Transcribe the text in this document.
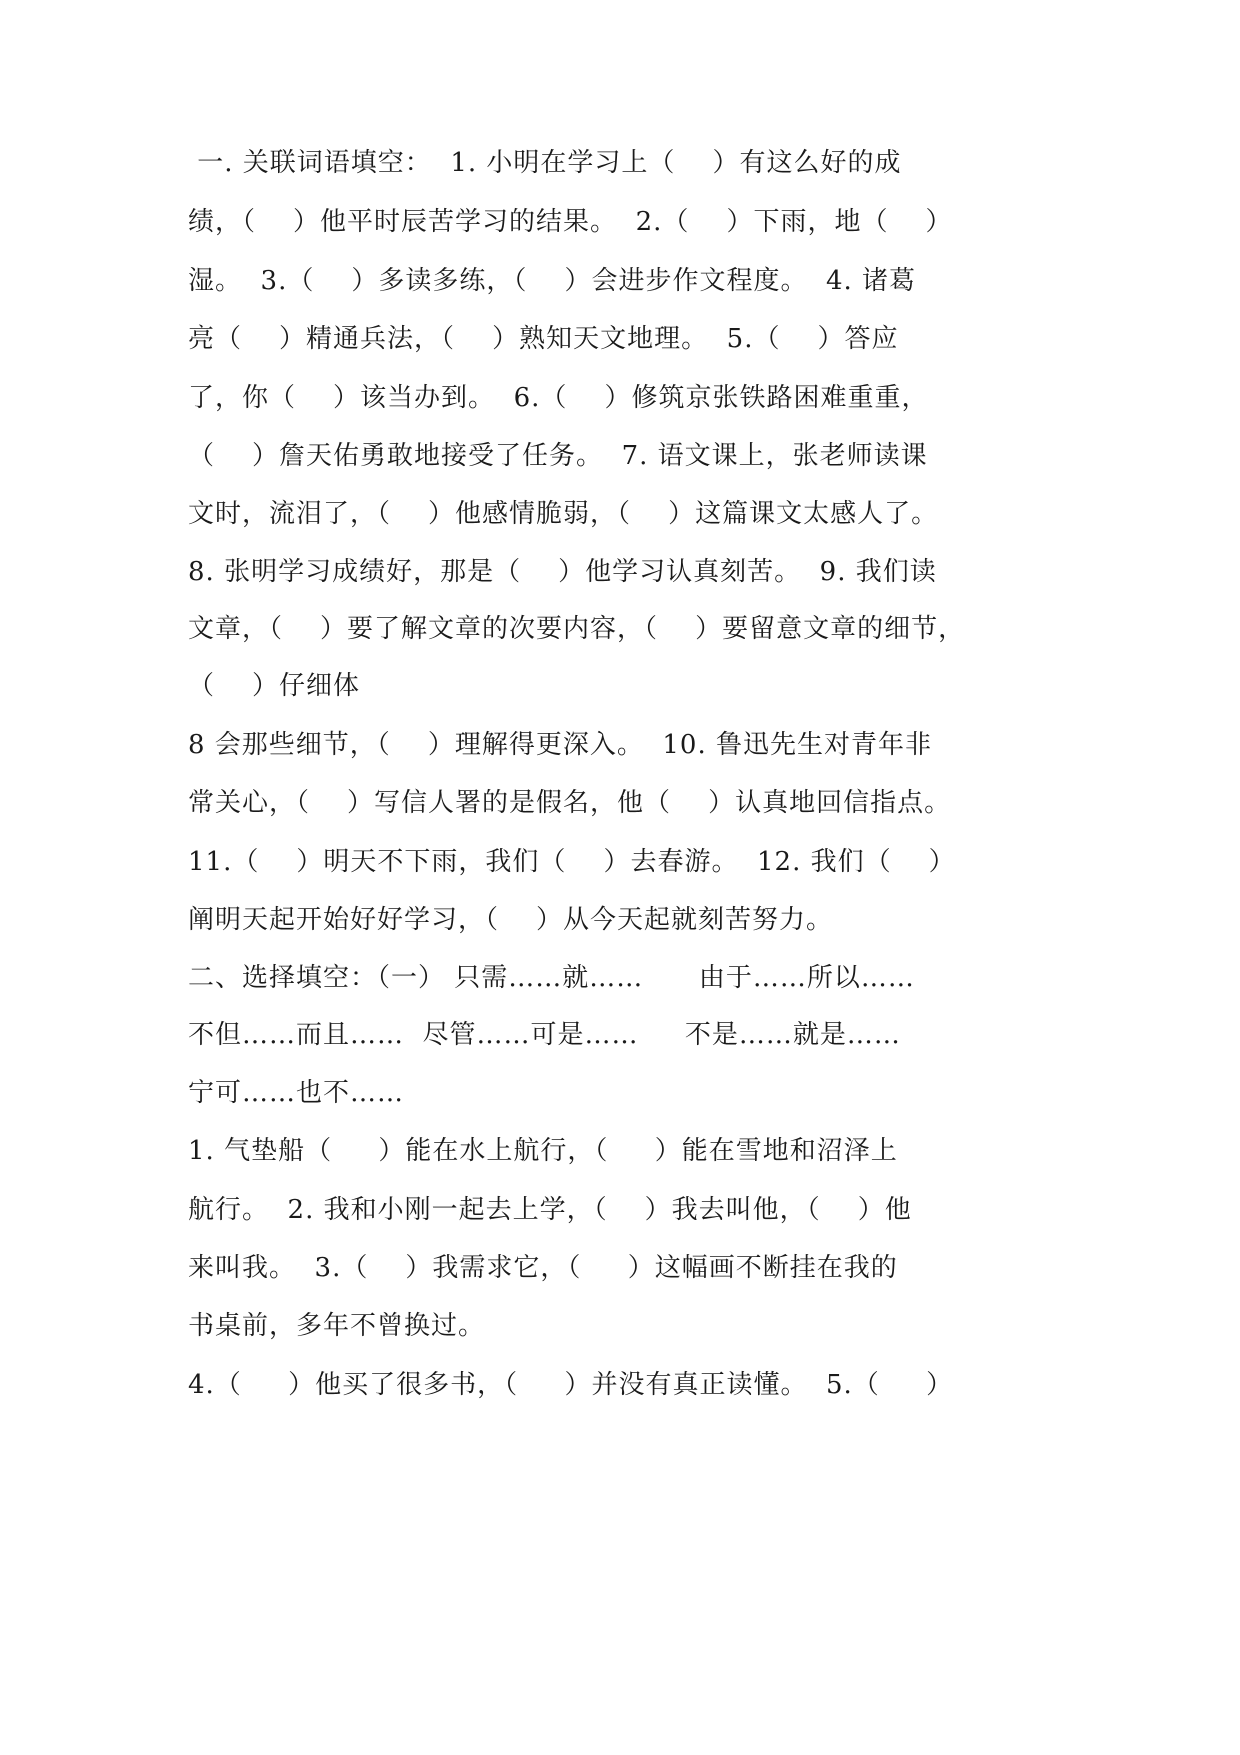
一. 关联词语填空：  1. 小明在学习上（    ）有这么好的成
绩，（    ）他平时辰苦学习的结果。  2.（    ）下雨，地（    ）
湿。  3.（    ）多读多练，（    ）会进步作文程度。  4. 诸葛
亮（    ）精通兵法，（    ）熟知天文地理。  5.（    ）答应
了，你（    ）该当办到。  6.（    ）修筑京张铁路困难重重，
（    ）詹天佑勇敢地接受了任务。  7. 语文课上，张老师读课
文时，流泪了，（    ）他感情脆弱，（    ）这篇课文太感人了。
8. 张明学习成绩好，那是（    ）他学习认真刻苦。  9. 我们读
文章，（    ）要了解文章的次要内容，（    ）要留意文章的细节，
（    ）仔细体
8 会那些细节，（    ）理解得更深入。  10. 鲁迅先生对青年非
常关心，（    ）写信人署的是假名，他（    ）认真地回信指点。
11.（    ）明天不下雨，我们（    ）去春游。  12. 我们（    ）
阐明天起开始好好学习，（    ）从今天起就刻苦努力。
二、选择填空：（一） 只需……就……      由于……所以……
不但……而且……  尽管……可是……     不是……就是……
宁可……也不……
1. 气垫船（     ）能在水上航行，（     ）能在雪地和沼泽上
航行。  2. 我和小刚一起去上学，（    ）我去叫他，（    ）他
来叫我。  3.（    ）我需求它，（     ）这幅画不断挂在我的
书桌前，多年不曾换过。
4.（     ）他买了很多书，（     ）并没有真正读懂。  5.（     ）
